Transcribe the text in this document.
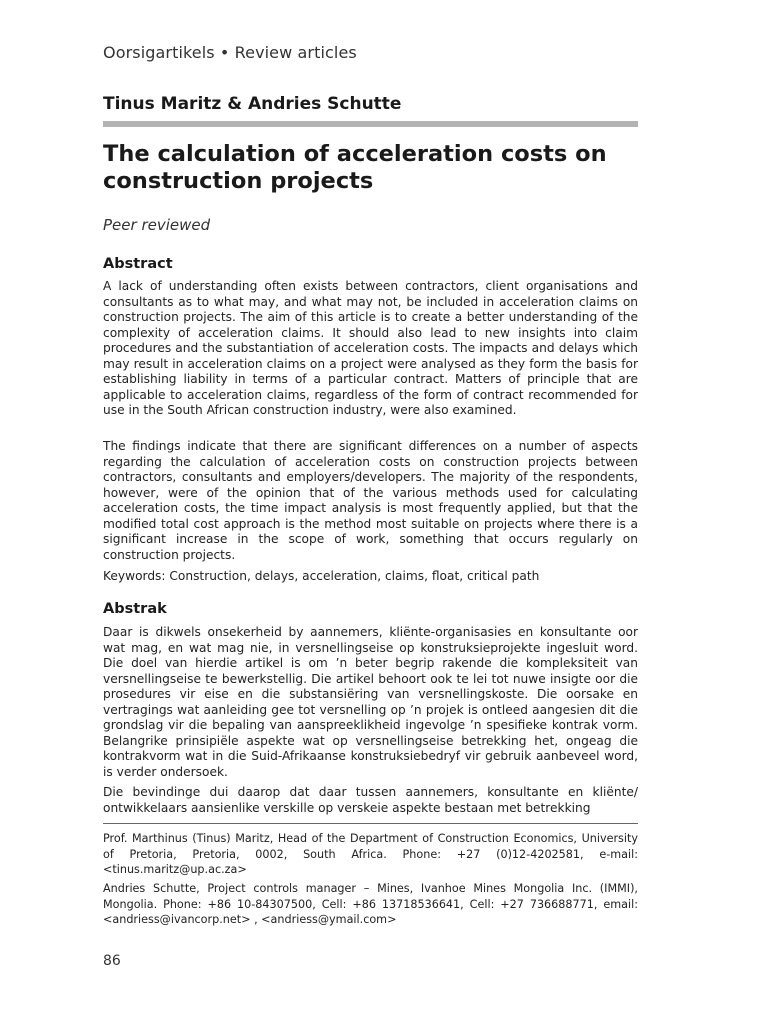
Oorsigartikels • Review articles
Tinus Maritz & Andries Schutte
The calculation of acceleration costs on construction projects
Peer reviewed
Abstract

A lack of understanding often exists between contractors, client organisations and consultants as to what may, and what may not, be included in acceleration claims on construction projects. The aim of this article is to create a better understanding of the complexity of acceleration claims. It should also lead to new insights into claim procedures and the substantiation of acceleration costs. The impacts and delays which may result in acceleration claims on a project were analysed as they form the basis for establishing liability in terms of a particular contract. Matters of principle that are applicable to acceleration claims, regardless of the form of contract recommended for use in the South African construction industry, were also examined.

The findings indicate that there are significant differences on a number of aspects regarding the calculation of acceleration costs on construction projects between contractors, consultants and employers/developers. The majority of the respondents, however, were of the opinion that of the various methods used for calculating acceleration costs, the time impact analysis is most frequently applied, but that the modified total cost approach is the method most suitable on projects where there is a significant increase in the scope of work, something that occurs regularly on construction projects.

Keywords: Construction, delays, acceleration, claims, float, critical path
Abstrak

Daar is dikwels onsekerheid by aannemers, kliënte-organisasies en konsultante oor wat mag, en wat mag nie, in versnellingseise op konstruksieprojekte ingesluit word. Die doel van hierdie artikel is om ’n beter begrip rakende die kompleksiteit van versnellingseise te bewerkstellig. Die artikel behoort ook te lei tot nuwe insigte oor die prosedures vir eise en die substansiëring van versnellingskoste. Die oorsake en vertragings wat aanleiding gee tot versnelling op ’n projek is ontleed aangesien dit die grondslag vir die bepaling van aanspreeklikheid ingevolge ’n spesifieke kontrak vorm. Belangrike prinsipiële aspekte wat op versnellingseise betrekking het, ongeag die kontrakvorm wat in die Suid-Afrikaanse konstruksiebedryf vir gebruik aanbeveel word, is verder ondersoek.

Die bevindinge dui daarop dat daar tussen aannemers, konsultante en kliënte/ ontwikkelaars aansienlike verskille op verskeie aspekte bestaan met betrekking

Prof. Marthinus (Tinus) Maritz, Head of the Department of Construction Economics, University of Pretoria, Pretoria, 0002, South Africa. Phone: +27 (0)12-4202581, e-mail: <tinus.maritz@up.ac.za>

Andries Schutte, Project controls manager – Mines, Ivanhoe Mines Mongolia Inc. (IMMI), Mongolia. Phone: +86 10-84307500, Cell: +86 13718536641, Cell: +27 736688771, email: <andriess@ivancorp.net> , <andriess@ymail.com>

86
